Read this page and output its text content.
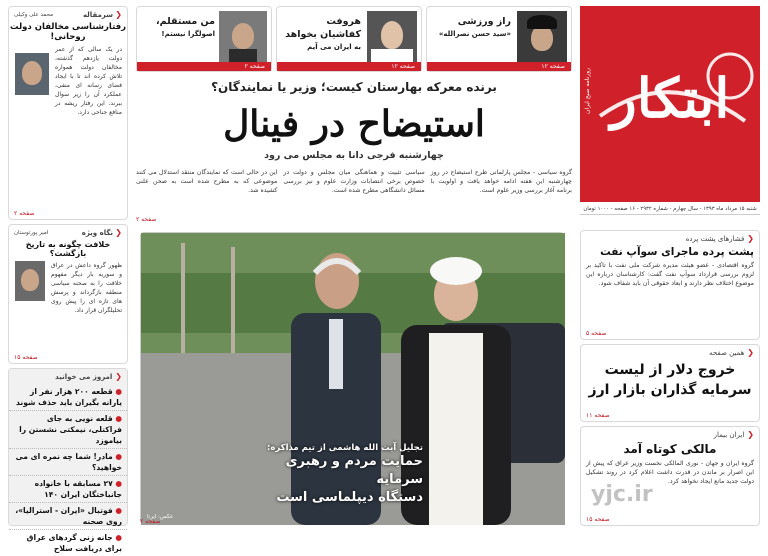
ابتکار
روزنامه صبح ایران
شنبه ۱۵ مرداد ماه ۱۳۹۳ - سال چهارم - شماره ۲۹۳۲ - ۱۶ صفحه - ۱۰۰۰ تومان
راز ورزشی
«سید حسن نصرالله»
صفحه ۱۲
هروفت کفاشیان بخواهد
به ایران می آیم
صفحه ۱۲
من مستقلم،
اصولگرا نیستم!
صفحه ۲
برنده معرکه بهارستان کیست؛ وزیر یا نمایندگان؟
استیضاح در فینال
چهارشنبه فرجی دانا به مجلس می رود
گروه سیاسی - مجلس پارلمانی طرح استیضاح در روز چهارشنبه این هفته ادامه خواهد یافت و اولویت با برنامه آغاز بررسی وزیر علوم است.
سیاسی تثبیت و هماهنگی میان مجلس و دولت در خصوص برخی انتصابات وزارت علوم و نیز بررسی مسائل دانشگاهی مطرح شده است.
این در حالی است که نمایندگان منتقد استدلال می کنند موضوعی که به مطرح شده است به صحن علنی کشیده شد.
صفحه ۲
تجلیل آیت الله هاشمی از تیم مذاکره:
حمایت مردم و رهبری سرمایه
دستگاه دیپلماسی است
عکس: ایرنا
صفحه ۲
❮
فشارهای پشت پرده
پشت پرده ماجرای سوآپ نفت
گروه اقتصادی - عضو هیئت مدیره شرکت ملی نفت با تاکید بر لزوم بررسی قرارداد سوآپ نفت گفت: کارشناسان درباره این موضوع اختلاف نظر دارند و ابعاد حقوقی آن باید شفاف شود.
صفحه ۵
❮
همین صفحه
خروج دلار از لیست
سرمایه گذاران بازار ارز
صفحه ۱۱
❮
ایران بیمار
مالکی کوتاه آمد
گروه ایران و جهان - نوری المالکی نخست وزیر عراق که پیش از این اصرار بر ماندن در قدرت داشت اعلام کرد در روند تشکیل دولت جدید مانع ایجاد نخواهد کرد.
yjc.ir
صفحه ۱۵
❮ سرمقاله
محمد علی وکیلی
رفتارشناسی مخالفان دولت
روحانی!
در یک سالی که از عمر دولت یازدهم گذشته، مخالفان دولت همواره تلاش کرده اند تا با ایجاد فضای رسانه ای منفی، عملکرد آن را زیر سوال ببرند. این رفتار ریشه در منافع جناحی دارد.
صفحه ۲
❮ نگاه ویژه
امیر پورتوستان
خلافت چگونه به تاریخ بازگشت؟
ظهور گروه داعش در عراق و سوریه بار دیگر مفهوم خلافت را به صحنه سیاسی منطقه بازگرداند و پرسش های تازه ای را پیش روی تحلیلگران قرار داد.
صفحه ۱۵
❮
امروز می خوانید
● قطعه ۲۰۰ هزار نفر از یارانه بگیران باید حذف شوند
● قلعه نویی به جای فراکتلی، نیمکتی نشستن را بیاموزد
● مادر! شما چه نمره ای می خواهید؟
● ۲۷ مسابقه با خانواده جانباختگان ایران ۱۴۰
● فوتبال «ایران - استرالیا»، روی صحنه
● جانه زنی گردهای عراق برای دریافت سلاح
